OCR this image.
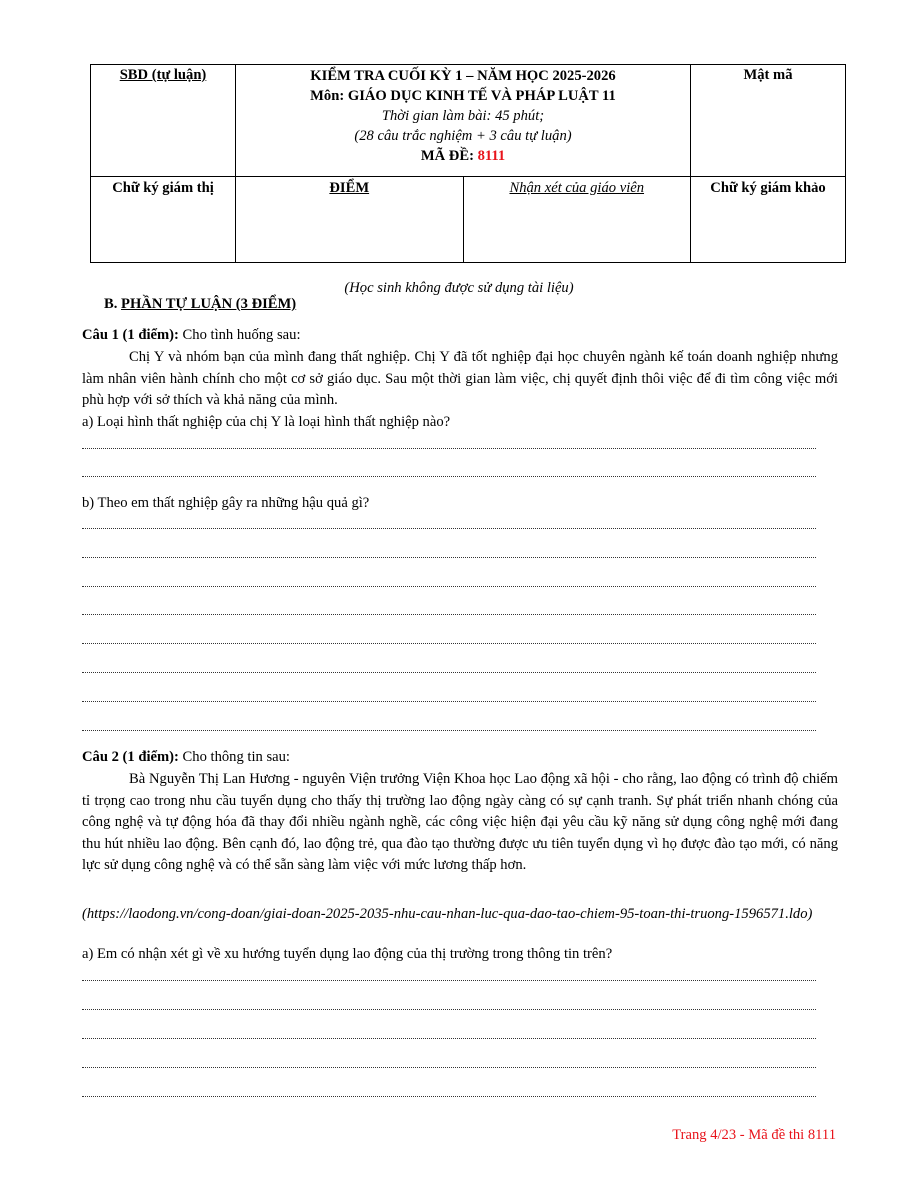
SBD (tự luận)	KIỂM TRA CUỐI KỲ 1 – NĂM HỌC 2025-2026
Môn: GIÁO DỤC KINH TẾ VÀ PHÁP LUẬT 11
Thời gian làm bài: 45 phút;
(28 câu trắc nghiệm + 3 câu tự luận)
MÃ ĐỀ: 8111		Mật mã
Chữ ký giám thị	ĐIỂM	Nhận xét của giáo viên	Chữ ký giám khảo
(Học sinh không được sử dụng tài liệu)
B. PHẦN TỰ LUẬN (3 ĐIỂM)
Câu 1 (1 điểm): Cho tình huống sau:
Chị Y và nhóm bạn của mình đang thất nghiệp. Chị Y đã tốt nghiệp đại học chuyên ngành kế toán doanh nghiệp nhưng làm nhân viên hành chính cho một cơ sở giáo dục. Sau một thời gian làm việc, chị quyết định thôi việc để đi tìm công việc mới phù hợp với sở thích và khả năng của mình.
a) Loại hình thất nghiệp của chị Y là loại hình thất nghiệp nào?
b) Theo em thất nghiệp gây ra những hậu quả gì?
Câu 2 (1 điểm): Cho thông tin sau:
Bà Nguyễn Thị Lan Hương - nguyên Viện trưởng Viện Khoa học Lao động xã hội - cho rằng, lao động có trình độ chiếm tỉ trọng cao trong nhu cầu tuyển dụng cho thấy thị trường lao động ngày càng có sự cạnh tranh. Sự phát triển nhanh chóng của công nghệ và tự động hóa đã thay đổi nhiều ngành nghề, các công việc hiện đại yêu cầu kỹ năng sử dụng công nghệ mới đang thu hút nhiều lao động. Bên cạnh đó, lao động trẻ, qua đào tạo thường được ưu tiên tuyển dụng vì họ được đào tạo mới, có năng lực sử dụng công nghệ và có thể sẵn sàng làm việc với mức lương thấp hơn.
(https://laodong.vn/cong-doan/giai-doan-2025-2035-nhu-cau-nhan-luc-qua-dao-tao-chiem-95-toan-thi-truong-1596571.ldo)
a) Em có nhận xét gì về xu hướng tuyển dụng lao động của thị trường trong thông tin trên?
Trang 4/23 - Mã đề thi 8111
